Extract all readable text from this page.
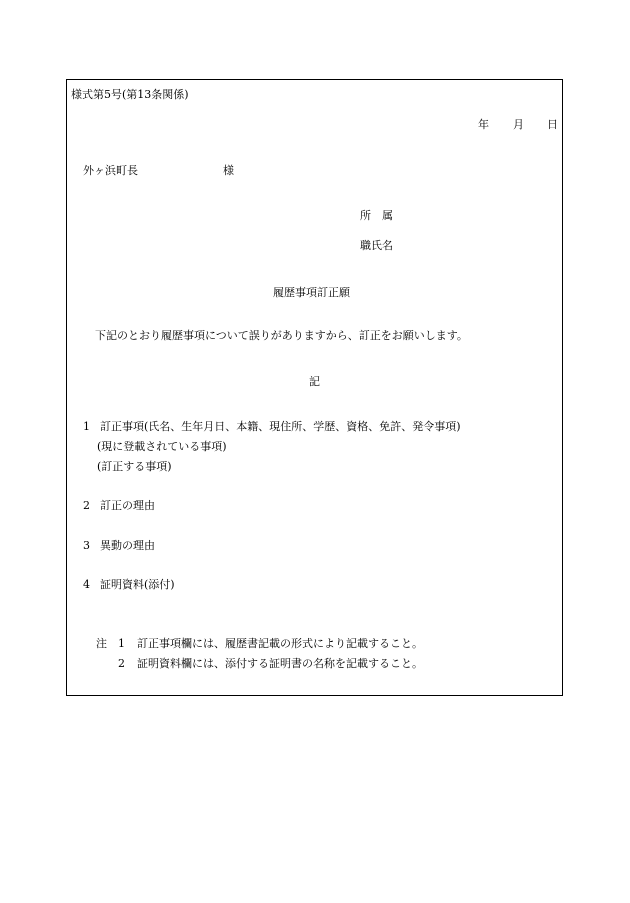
様式第5号(第13条関係)
年 月 日
外ヶ浜町長	様
所　属
職氏名
履歴事項訂正願
下記のとおり履歴事項について誤りがありますから、訂正をお願いします。
記
1 訂正事項(氏名、生年月日、本籍、現住所、学歴、資格、免許、発令事項)
(現に登載されている事項)
(訂正する事項)
2 訂正の理由
3 異動の理由
4 証明資料(添付)
注 1 訂正事項欄には、履歴書記載の形式により記載すること。
2 証明資料欄には、添付する証明書の名称を記載すること。
